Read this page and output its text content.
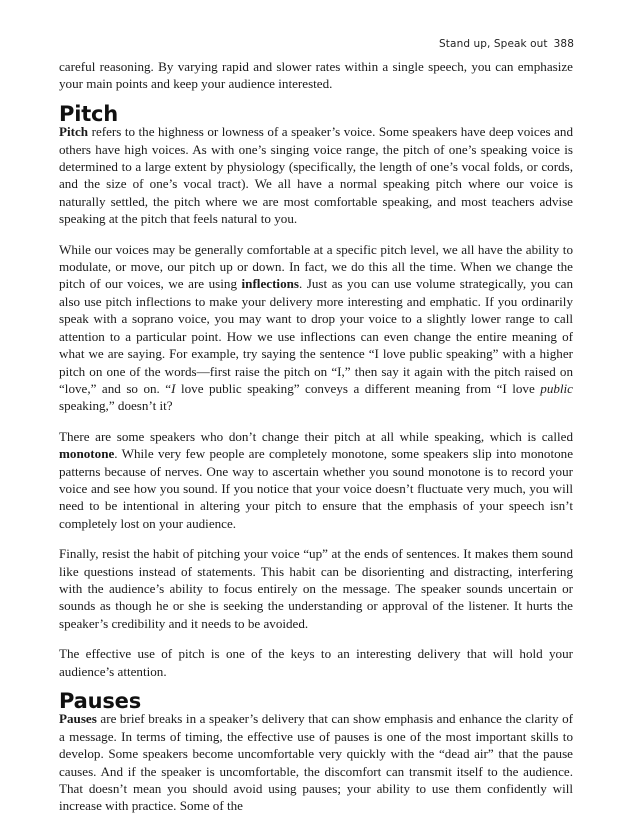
Stand up, Speak out 388

careful reasoning. By varying rapid and slower rates within a single speech, you can emphasize your main points and keep your audience interested.

Pitch

Pitch refers to the highness or lowness of a speaker’s voice. Some speakers have deep voices and others have high voices. As with one’s singing voice range, the pitch of one’s speaking voice is determined to a large extent by physiology (specifically, the length of one’s vocal folds, or cords, and the size of one’s vocal tract). We all have a normal speaking pitch where our voice is naturally settled, the pitch where we are most comfortable speaking, and most teachers advise speaking at the pitch that feels natural to you.

While our voices may be generally comfortable at a specific pitch level, we all have the ability to modulate, or move, our pitch up or down. In fact, we do this all the time. When we change the pitch of our voices, we are using inflections. Just as you can use volume strategically, you can also use pitch inflections to make your delivery more interesting and emphatic. If you ordinarily speak with a soprano voice, you may want to drop your voice to a slightly lower range to call attention to a particular point. How we use inflections can even change the entire meaning of what we are saying. For example, try saying the sentence “I love public speaking” with a higher pitch on one of the words—first raise the pitch on “I,” then say it again with the pitch raised on “love,” and so on. “I love public speaking” conveys a different meaning from “I love public speaking,” doesn’t it?

There are some speakers who don’t change their pitch at all while speaking, which is called monotone. While very few people are completely monotone, some speakers slip into monotone patterns because of nerves. One way to ascertain whether you sound monotone is to record your voice and see how you sound. If you notice that your voice doesn’t fluctuate very much, you will need to be intentional in altering your pitch to ensure that the emphasis of your speech isn’t completely lost on your audience.

Finally, resist the habit of pitching your voice “up” at the ends of sentences. It makes them sound like questions instead of statements. This habit can be disorienting and distracting, interfering with the audience’s ability to focus entirely on the message. The speaker sounds uncertain or sounds as though he or she is seeking the understanding or approval of the listener. It hurts the speaker’s credibility and it needs to be avoided.

The effective use of pitch is one of the keys to an interesting delivery that will hold your audience’s attention.

Pauses

Pauses are brief breaks in a speaker’s delivery that can show emphasis and enhance the clarity of a message. In terms of timing, the effective use of pauses is one of the most important skills to develop. Some speakers become uncomfortable very quickly with the “dead air” that the pause causes. And if the speaker is uncomfortable, the discomfort can transmit itself to the audience. That doesn’t mean you should avoid using pauses; your ability to use them confidently will increase with practice. Some of the
